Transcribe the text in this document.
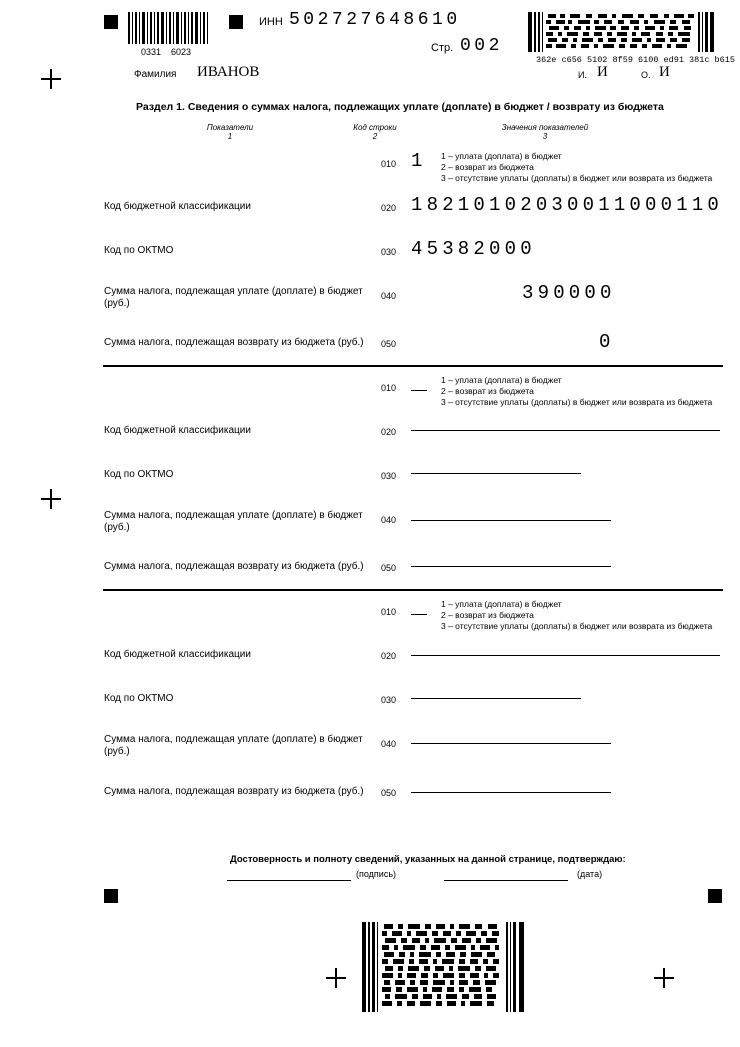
0331    6023
ИНН 502727648610
Стр. 002
Фамилия ИВАНОВ
362e c656 5102 8f59 6100 ed91 381c b615
И. И	О. И
Раздел 1. Сведения о суммах налога, подлежащих уплате (доплате) в бюджет / возврату из бюджета
Показатели
1
Код строки
2
Значения показателей
3
010 1 1 – уплата (доплата) в бюджет
2 – возврат из бюджета
3 – отсутствие уплаты (доплаты) в бюджет или возврата из бюджета
Код бюджетной классификации	020 18210102030011000110
Код по ОКТМО	030 45382000
Сумма налога, подлежащая уплате (доплате) в бюджет
(руб.)
040	390000
Сумма налога, подлежащая возврату из бюджета (руб.) 050	0
010
1 – уплата (доплата) в бюджет
2 – возврат из бюджета
3 – отсутствие уплаты (доплаты) в бюджет или возврата из бюджета
Код бюджетной классификации	020
Код по ОКТМО	030
Сумма налога, подлежащая уплате (доплате) в бюджет
(руб.)
040
Сумма налога, подлежащая возврату из бюджета (руб.) 050
010
1 – уплата (доплата) в бюджет
2 – возврат из бюджета
3 – отсутствие уплаты (доплаты) в бюджет или возврата из бюджета
Код бюджетной классификации	020
Код по ОКТМО	030
Сумма налога, подлежащая уплате (доплате) в бюджет
(руб.)
040
Сумма налога, подлежащая возврату из бюджета (руб.) 050
Достоверность и полноту сведений, указанных на данной странице, подтверждаю:
(подпись)	(дата)
